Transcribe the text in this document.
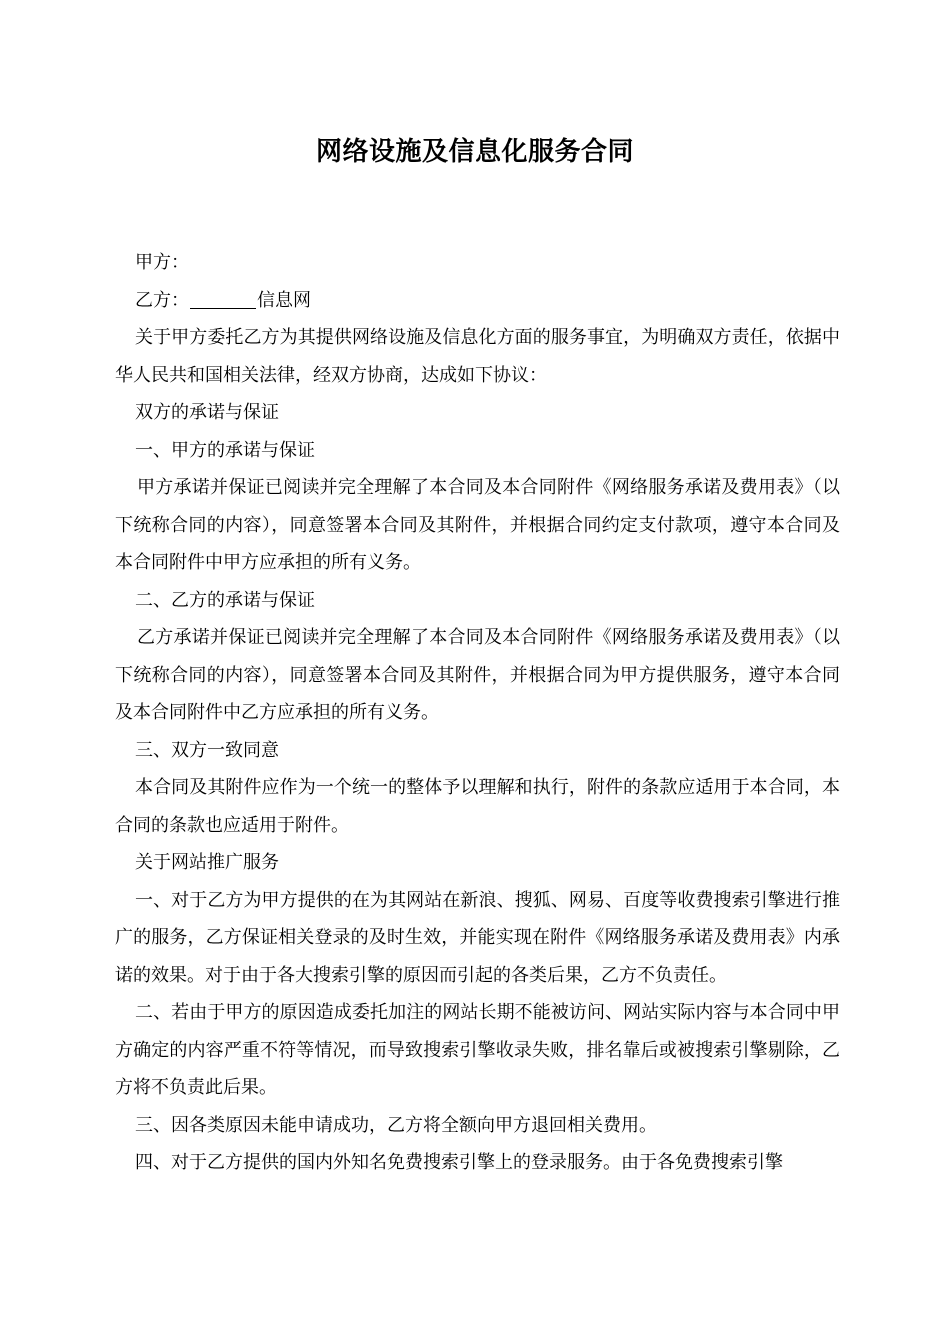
网络设施及信息化服务合同

甲方：

乙方：	信息网

关于甲方委托乙方为其提供网络设施及信息化方面的服务事宜，为明确双方责任，依据中华人民共和国相关法律，经双方协商，达成如下协议：

双方的承诺与保证

一、甲方的承诺与保证

甲方承诺并保证已阅读并完全理解了本合同及本合同附件《网络服务承诺及费用表》（以下统称合同的内容），同意签署本合同及其附件，并根据合同约定支付款项，遵守本合同及本合同附件中甲方应承担的所有义务。

二、乙方的承诺与保证

乙方承诺并保证已阅读并完全理解了本合同及本合同附件《网络服务承诺及费用表》（以下统称合同的内容），同意签署本合同及其附件，并根据合同为甲方提供服务，遵守本合同及本合同附件中乙方应承担的所有义务。

三、双方一致同意

本合同及其附件应作为一个统一的整体予以理解和执行，附件的条款应适用于本合同，本合同的条款也应适用于附件。

关于网站推广服务

一、对于乙方为甲方提供的在为其网站在新浪、搜狐、网易、百度等收费搜索引擎进行推广的服务，乙方保证相关登录的及时生效，并能实现在附件《网络服务承诺及费用表》内承诺的效果。对于由于各大搜索引擎的原因而引起的各类后果，乙方不负责任。

二、若由于甲方的原因造成委托加注的网站长期不能被访问、网站实际内容与本合同中甲方确定的内容严重不符等情况，而导致搜索引擎收录失败，排名靠后或被搜索引擎剔除，乙方将不负责此后果。

三、因各类原因未能申请成功，乙方将全额向甲方退回相关费用。

四、对于乙方提供的国内外知名免费搜索引擎上的登录服务。由于各免费搜索引擎
